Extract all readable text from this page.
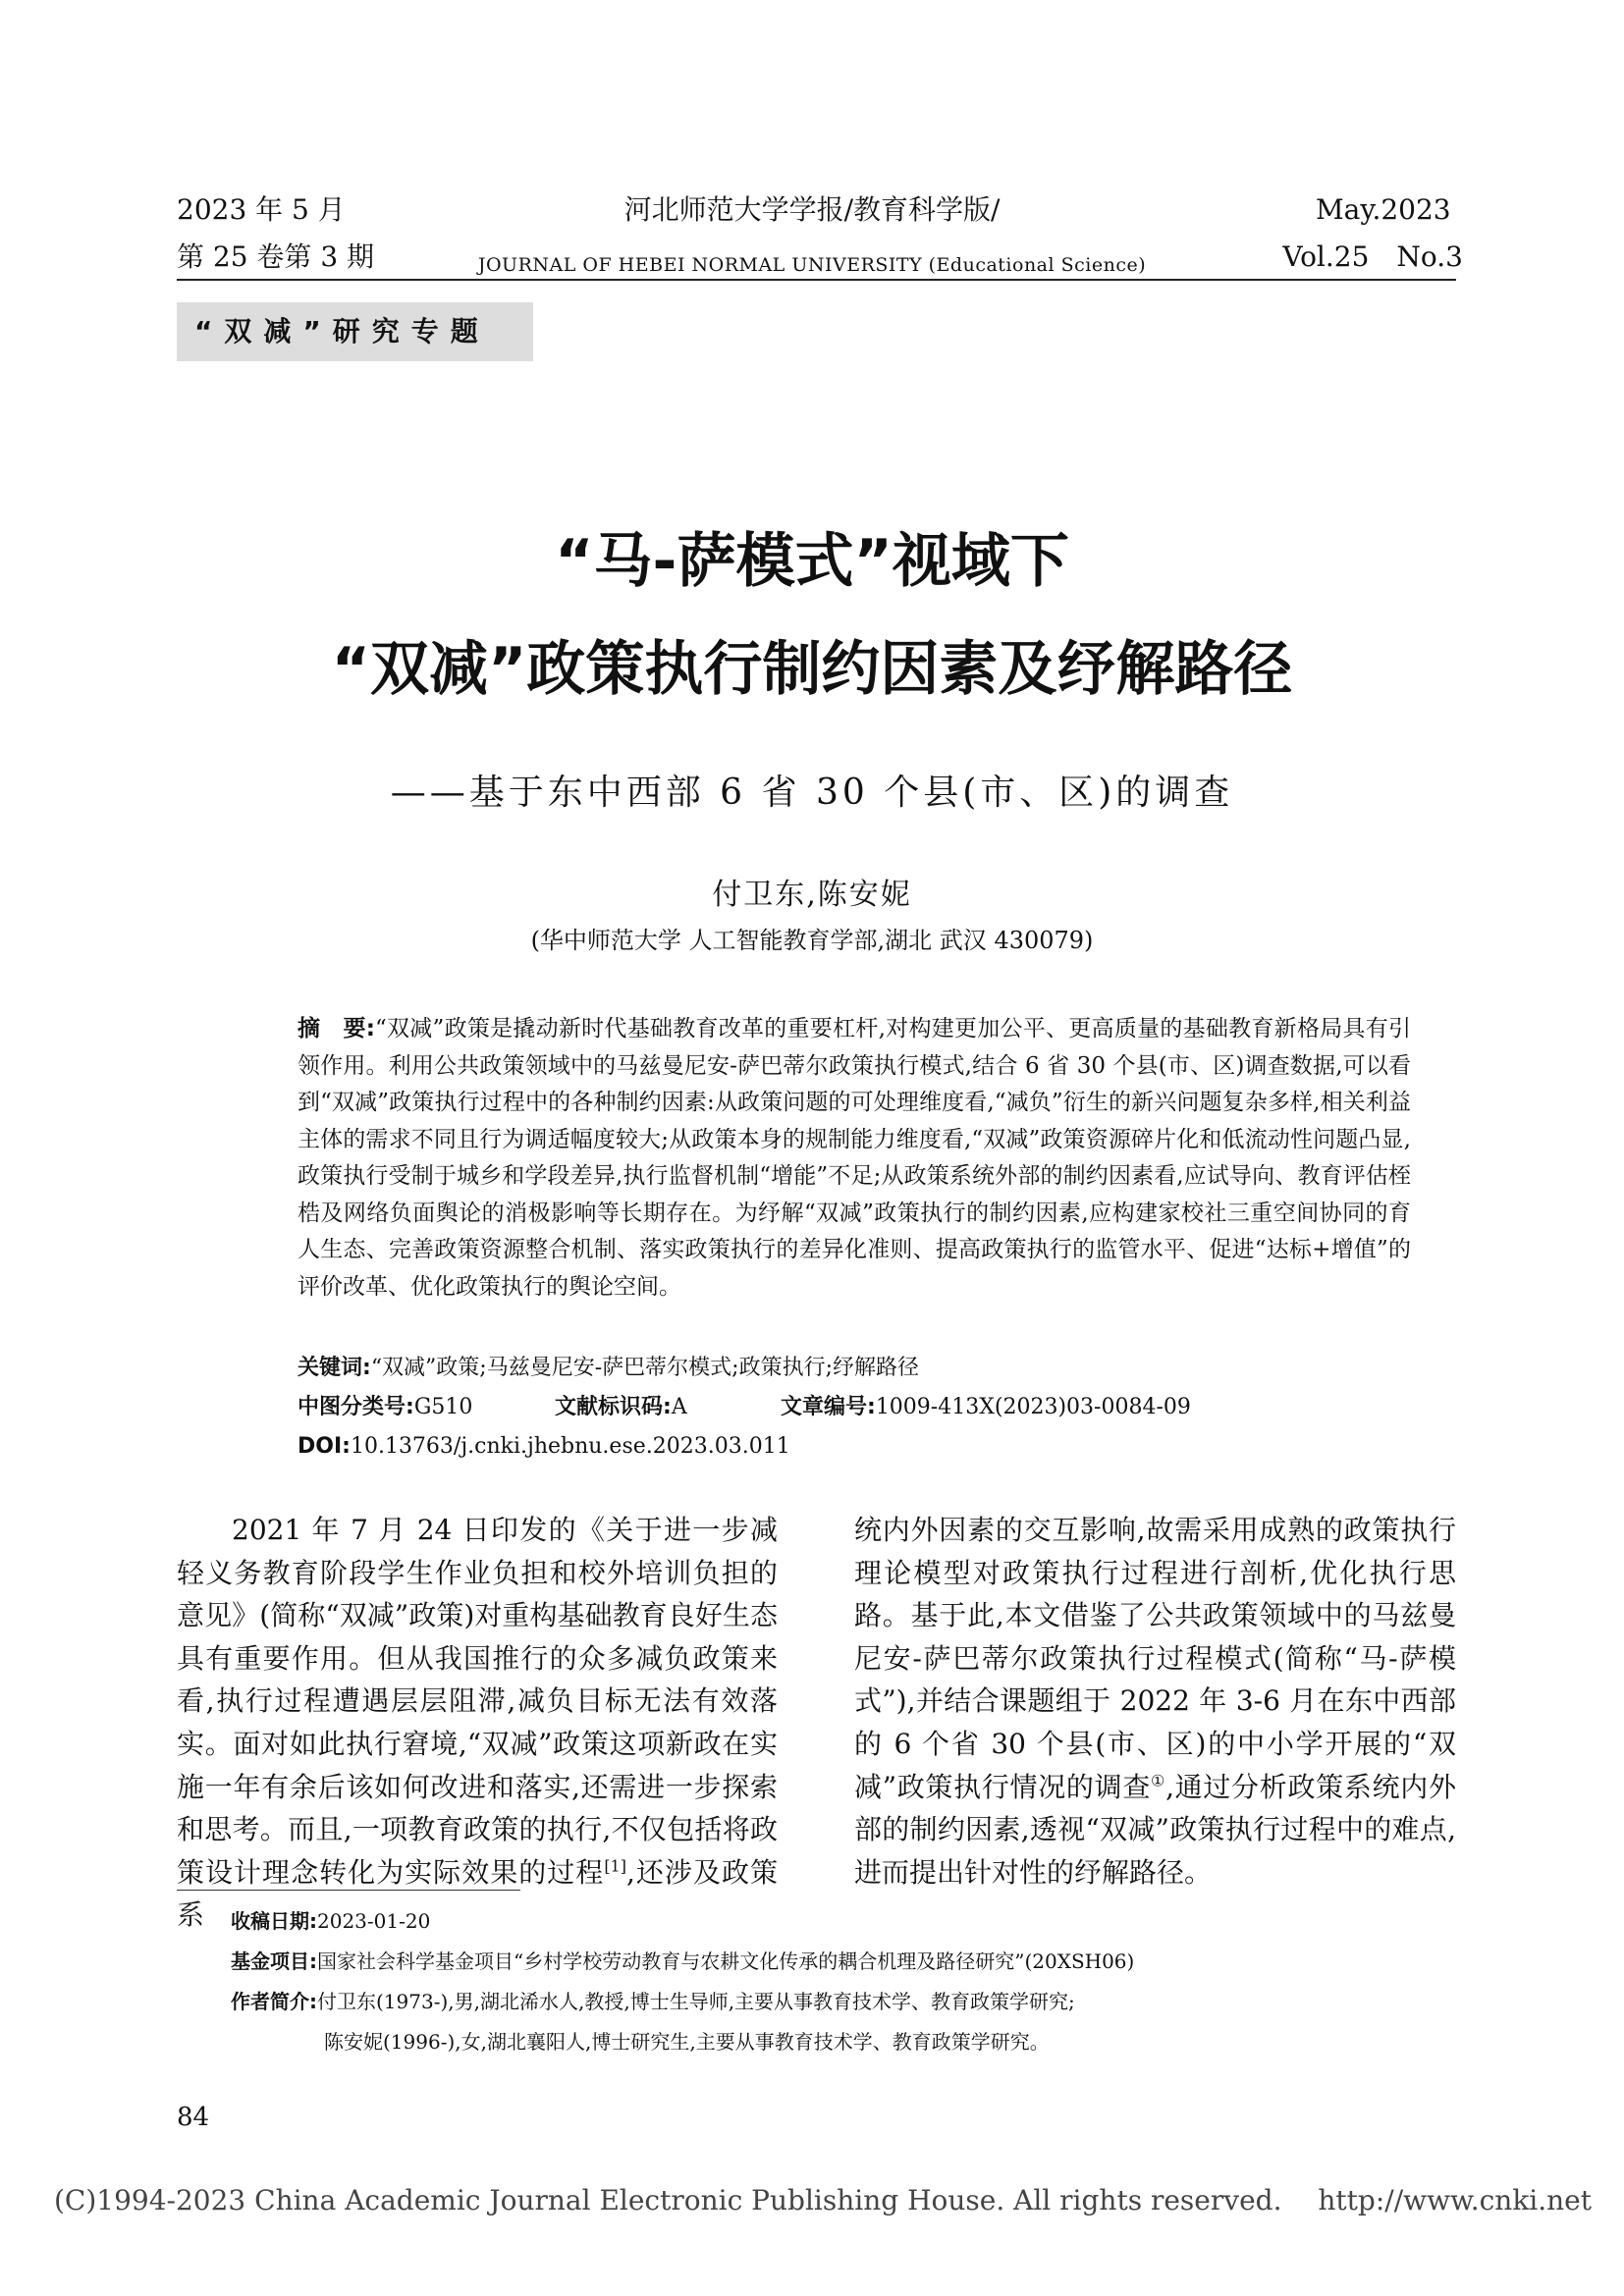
2023 年 5 月
第 25 卷第 3 期
河北师范大学学报/教育科学版/
JOURNAL OF HEBEI NORMAL UNIVERSITY (Educational Science)
May.2023
Vol.25　No.3
“双减”研究专题
“马-萨模式”视域下
“双减”政策执行制约因素及纾解路径
——基于东中西部 6 省 30 个县(市、区)的调查
付卫东,陈安妮
(华中师范大学 人工智能教育学部,湖北 武汉 430079)
摘　要:“双减”政策是撬动新时代基础教育改革的重要杠杆,对构建更加公平、更高质量的基础教育新格局具有引领作用。利用公共政策领域中的马兹曼尼安-萨巴蒂尔政策执行模式,结合 6 省 30 个县(市、区)调查数据,可以看到“双减”政策执行过程中的各种制约因素:从政策问题的可处理维度看,“减负”衍生的新兴问题复杂多样,相关利益主体的需求不同且行为调适幅度较大;从政策本身的规制能力维度看,“双减”政策资源碎片化和低流动性问题凸显,政策执行受制于城乡和学段差异,执行监督机制“增能”不足;从政策系统外部的制约因素看,应试导向、教育评估桎梏及网络负面舆论的消极影响等长期存在。为纾解“双减”政策执行的制约因素,应构建家校社三重空间协同的育人生态、完善政策资源整合机制、落实政策执行的差异化准则、提高政策执行的监管水平、促进“达标+增值”的评价改革、优化政策执行的舆论空间。
关键词:“双减”政策;马兹曼尼安-萨巴蒂尔模式;政策执行;纾解路径
中图分类号:G510	文献标识码:A	文章编号:1009-413X(2023)03-0084-09
DOI:10.13763/j.cnki.jhebnu.ese.2023.03.011
2021 年 7 月 24 日印发的《关于进一步减轻义务教育阶段学生作业负担和校外培训负担的意见》(简称“双减”政策)对重构基础教育良好生态具有重要作用。但从我国推行的众多减负政策来看,执行过程遭遇层层阻滞,减负目标无法有效落实。面对如此执行窘境,“双减”政策这项新政在实施一年有余后该如何改进和落实,还需进一步探索和思考。而且,一项教育政策的执行,不仅包括将政策设计理念转化为实际效果的过程[1],还涉及政策系
统内外因素的交互影响,故需采用成熟的政策执行理论模型对政策执行过程进行剖析,优化执行思路。基于此,本文借鉴了公共政策领域中的马兹曼尼安-萨巴蒂尔政策执行过程模式(简称“马-萨模式”),并结合课题组于 2022 年 3-6 月在东中西部的 6 个省 30 个县(市、区)的中小学开展的“双减”政策执行情况的调查①,通过分析政策系统内外部的制约因素,透视“双减”政策执行过程中的难点,进而提出针对性的纾解路径。
收稿日期:2023-01-20
基金项目:国家社会科学基金项目“乡村学校劳动教育与农耕文化传承的耦合机理及路径研究”(20XSH06)
作者简介:付卫东(1973-),男,湖北浠水人,教授,博士生导师,主要从事教育技术学、教育政策学研究;
陈安妮(1996-),女,湖北襄阳人,博士研究生,主要从事教育技术学、教育政策学研究。
84
(C)1994-2023 China Academic Journal Electronic Publishing House. All rights reserved.　 http://www.cnki.net
